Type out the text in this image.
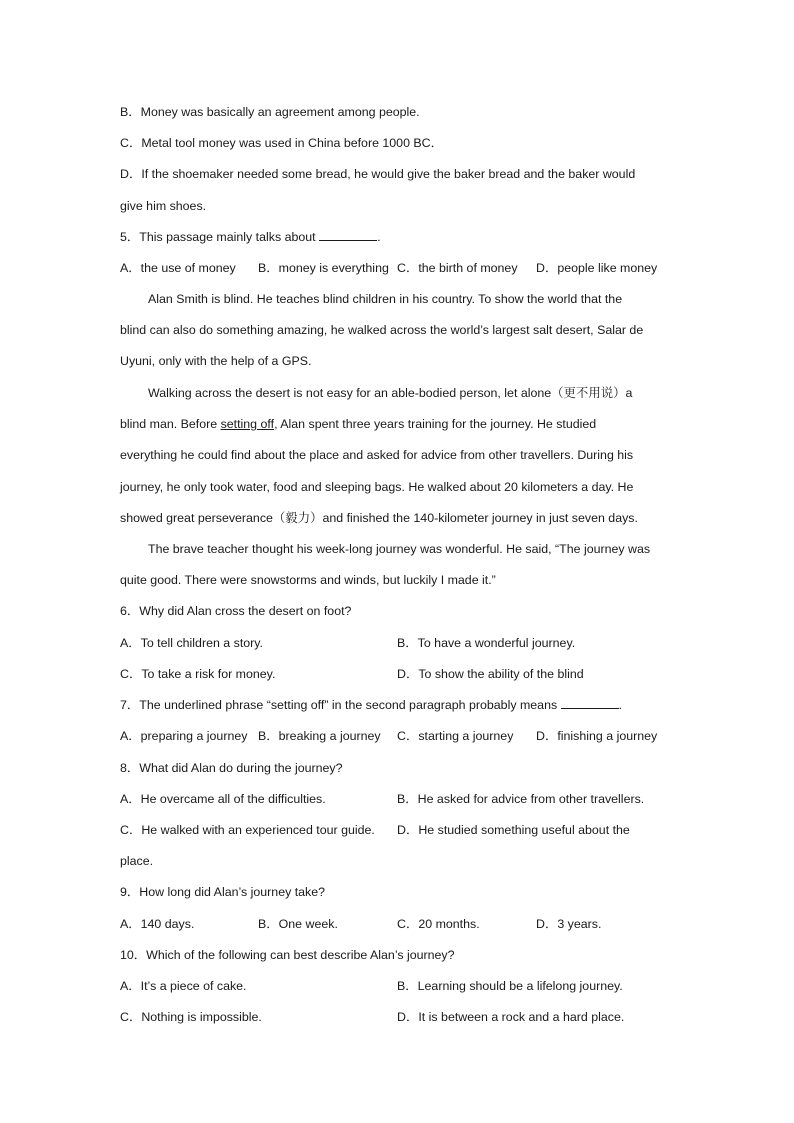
B．Money was basically an agreement among people.
C．Metal tool money was used in China before 1000 BC．
D．If the shoemaker needed some bread, he would give the baker bread and the baker would
give him shoes.
5．This passage mainly talks about	.
A．the use of money B．money is everything C．the birth of money D．people like money
Alan Smith is blind. He teaches blind children in his country. To show the world that the
blind can also do something amazing, he walked across the world’s largest salt desert, Salar de
Uyuni, only with the help of a GPS.
Walking across the desert is not easy for an able-bodied person, let alone（更不用说）a
blind man. Before setting off, Alan spent three years training for the journey. He studied
everything he could find about the place and asked for advice from other travellers. During his
journey, he only took water, food and sleeping bags. He walked about 20 kilometers a day. He
showed great perseverance（毅力）and finished the 140-kilometer journey in just seven days.
The brave teacher thought his week-long journey was wonderful. He said, “The journey was
quite good. There were snowstorms and winds, but luckily I made it.”
6．Why did Alan cross the desert on foot?
A．To tell children a story.	B．To have a wonderful journey.
C．To take a risk for money.	D．To show the ability of the blind
7．The underlined phrase “setting off” in the second paragraph probably means	.
A．preparing a journey B．breaking a journey C．starting a journey D．finishing a journey
8．What did Alan do during the journey?
A．He overcame all of the difficulties.	B．He asked for advice from other travellers.
C．He walked with an experienced tour guide. D．He studied something useful about the
place.
9．How long did Alan’s journey take?
A．140 days.	B．One week.	C．20 months.	D．3 years.
10．Which of the following can best describe Alan’s journey?
A．It’s a piece of cake.	B．Learning should be a lifelong journey.
C．Nothing is impossible.	D．It is between a rock and a hard place.
